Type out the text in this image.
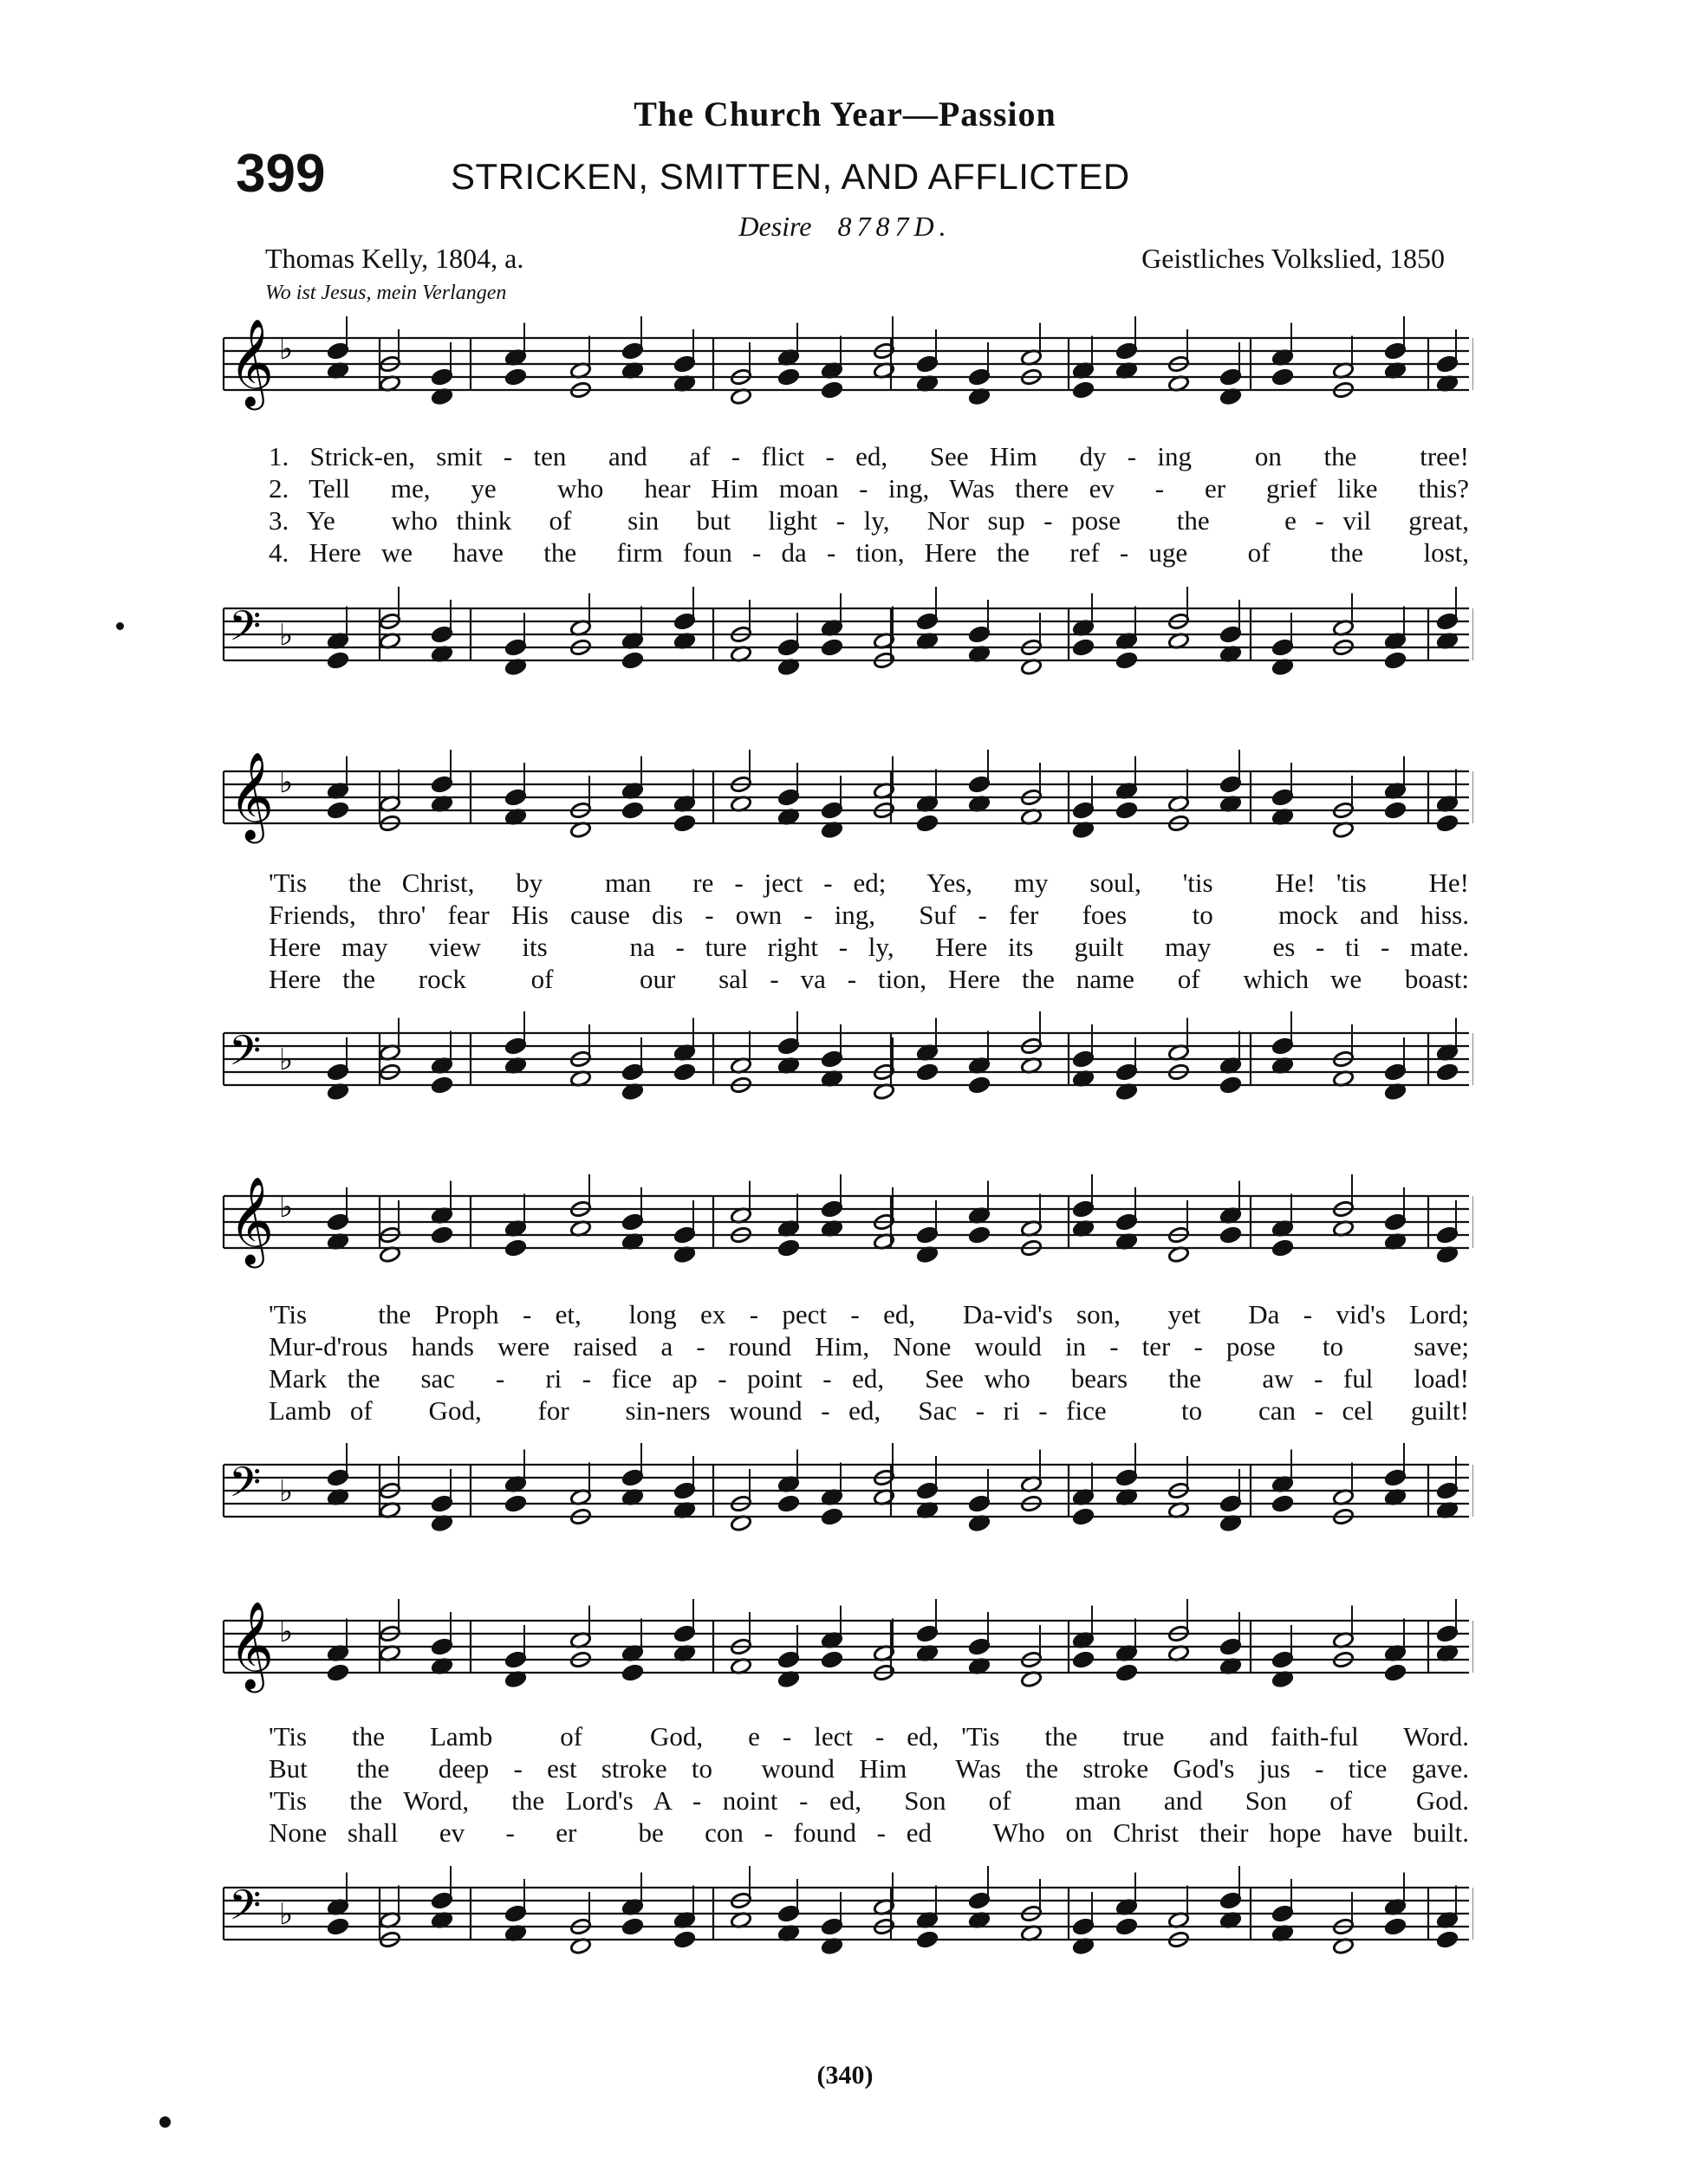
The Church Year—Passion
399	STRICKEN, SMITTEN, AND AFFLICTED
Desire 8787D.
Thomas Kelly, 1804, a.	Geistliches Volkslied, 1850
Wo ist Jesus, mein Verlangen
𝄞 ♭
1. Strick-en, smit - ten  and  af - flict - ed,  See Him  dy - ing   on  the   tree!
2. Tell  me,  ye   who  hear Him moan - ing, Was there ev  -  er  grief like  this?
3. Ye   who think  of   sin  but  light - ly,  Nor sup - pose   the    e - vil  great,
4. Here we  have  the  firm foun - da - tion, Here the  ref - uge   of   the   lost,
𝄢 ♭
𝄞 ♭
'Tis  the Christ,  by   man  re - ject - ed;  Yes,  my  soul,  'tis   He! 'tis   He!
Friends, thro' fear His cause dis - own - ing,  Suf - fer  foes   to   mock and hiss.
Here may  view  its    na - ture right - ly,  Here its  guilt  may   es - ti - mate.
Here the  rock   of    our  sal - va - tion, Here the name  of  which we  boast:
𝄢 ♭
𝄞 ♭
'Tis   the Proph - et,  long ex - pect - ed,  Da-vid's son,  yet  Da - vid's Lord;
Mur-d'rous hands were raised a - round Him, None would in - ter - pose  to   save;
Mark the  sac  -  ri - fice ap - point - ed,  See who  bears  the   aw - ful  load!
Lamb of   God,   for   sin-ners wound - ed,  Sac - ri - fice    to   can - cel  guilt!
𝄢 ♭
𝄞 ♭
'Tis  the  Lamb   of   God,  e - lect - ed, 'Tis  the  true  and faith-ful  Word.
But  the  deep - est stroke to  wound Him  Was the stroke God's jus - tice gave.
'Tis  the Word,  the Lord's A - noint - ed,  Son  of   man  and  Son  of   God.
None shall  ev  -  er   be  con - found - ed   Who on Christ their hope have built.
𝄢 ♭
(340)
